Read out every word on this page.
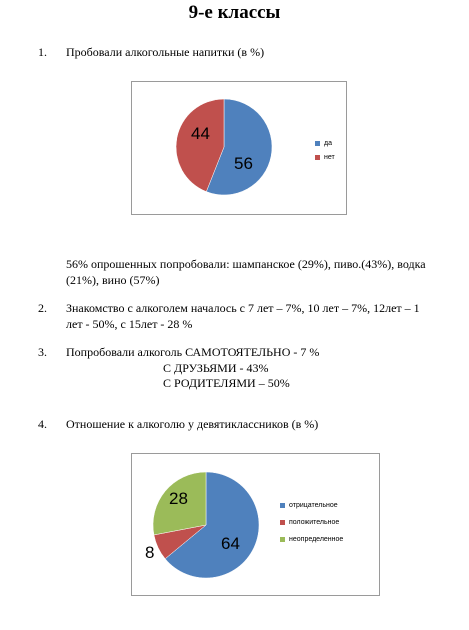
9-е классы
1. Пробовали алкогольные напитки (в %)
44
56
да
нет
56% опрошенных попробовали: шампанское (29%), пиво.(43%), водка
(21%), вино (57%)
2. Знакомство с алкоголем началось с 7 лет – 7%, 10 лет – 7%, 12лет – 1
лет - 50%, с 15лет - 28 %
3. Попробовали алкоголь САМОТОЯТЕЛЬНО - 7 %
С ДРУЗЬЯМИ - 43%
С РОДИТЕЛЯМИ – 50%
4. Отношение к алкоголю у девятиклассников (в %)
28
8	64
отрицательное
положительное
неопределенное
